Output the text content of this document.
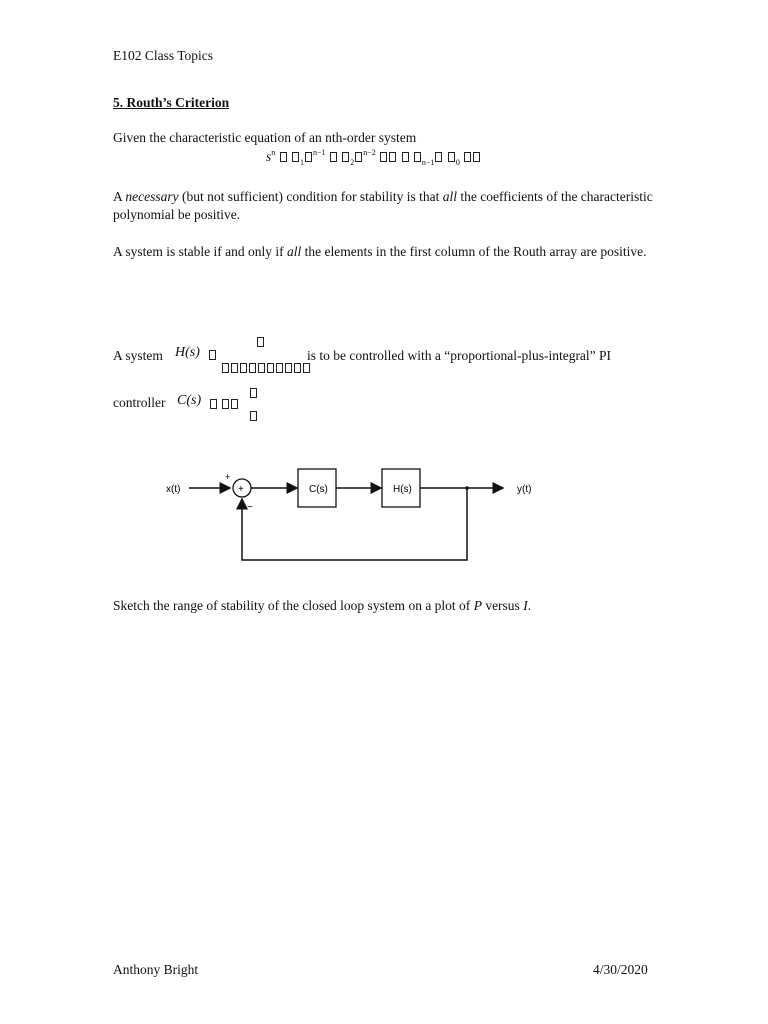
E102 Class Topics
5. Routh’s Criterion
Given the characteristic equation of an nth-order system
$s^n$  $_1^{n-1}$  $_2^{n-2}$   $_{n-1}$	$_0$
A necessary (but not sufficient) condition for stability is that all the coefficients of the characteristic polynomial be positive.
A system is stable if and only if all the elements in the first column of the Routh array are positive.
A system H(s)	is to be controlled with a “proportional-plus-integral” PI
controller C(s)

x(t)	+
+
−
C(s)	H(s)	y(t)
Sketch the range of stability of the closed loop system on a plot of P versus I.
Anthony Bright	4/30/2020
